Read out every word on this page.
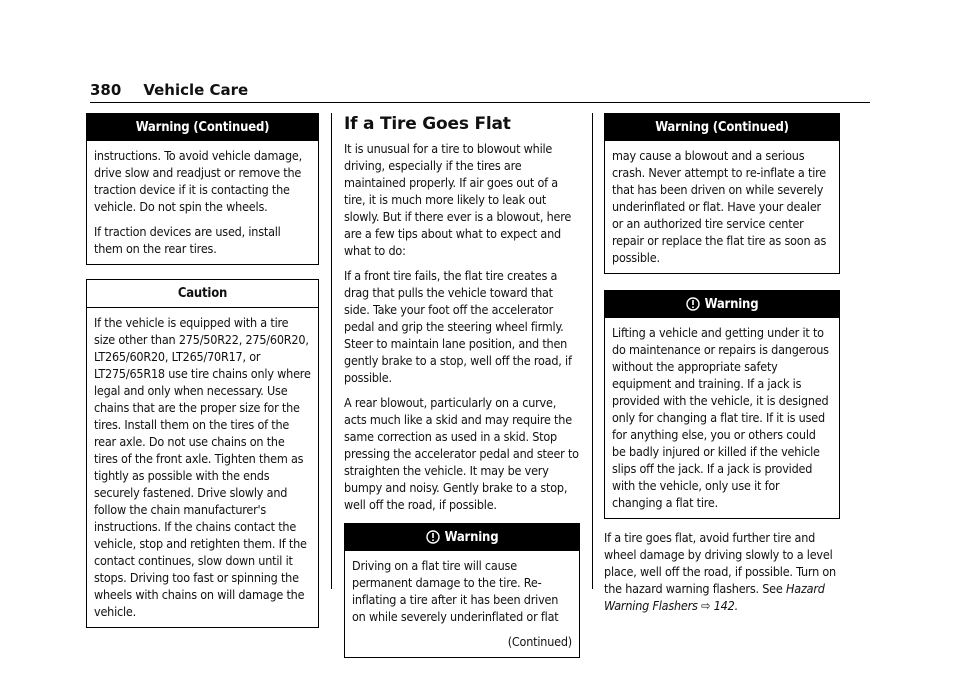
380 Vehicle Care
Warning (Continued)

instructions. To avoid vehicle damage, drive slow and readjust or remove the traction device if it is contacting the vehicle. Do not spin the wheels.

If traction devices are used, install them on the rear tires.

Caution

If the vehicle is equipped with a tire size other than 275/50R22, 275/60R20, LT265/60R20, LT265/70R17, or LT275/65R18 use tire chains only where legal and only when necessary. Use chains that are the proper size for the tires. Install them on the tires of the rear axle. Do not use chains on the tires of the front axle. Tighten them as tightly as possible with the ends securely fastened. Drive slowly and follow the chain manufacturer's instructions. If the chains contact the vehicle, stop and retighten them. If the contact continues, slow down until it stops. Driving too fast or spinning the wheels with chains on will damage the vehicle.

If a Tire Goes Flat

It is unusual for a tire to blowout while driving, especially if the tires are maintained properly. If air goes out of a tire, it is much more likely to leak out slowly. But if there ever is a blowout, here are a few tips about what to expect and what to do:

If a front tire fails, the flat tire creates a drag that pulls the vehicle toward that side. Take your foot off the accelerator pedal and grip the steering wheel firmly. Steer to maintain lane position, and then gently brake to a stop, well off the road, if possible.

A rear blowout, particularly on a curve, acts much like a skid and may require the same correction as used in a skid. Stop pressing the accelerator pedal and steer to straighten the vehicle. It may be very bumpy and noisy. Gently brake to a stop, well off the road, if possible.

Warning

Driving on a flat tire will cause permanent damage to the tire. Re-inflating a tire after it has been driven on while severely underinflated or flat

(Continued)
Warning (Continued)

may cause a blowout and a serious crash. Never attempt to re-inflate a tire that has been driven on while severely underinflated or flat. Have your dealer or an authorized tire service center repair or replace the flat tire as soon as possible.

Warning

Lifting a vehicle and getting under it to do maintenance or repairs is dangerous without the appropriate safety equipment and training. If a jack is provided with the vehicle, it is designed only for changing a flat tire. If it is used for anything else, you or others could be badly injured or killed if the vehicle slips off the jack. If a jack is provided with the vehicle, only use it for changing a flat tire.

If a tire goes flat, avoid further tire and wheel damage by driving slowly to a level place, well off the road, if possible. Turn on the hazard warning flashers. See Hazard Warning Flashers ⇨ 142.
